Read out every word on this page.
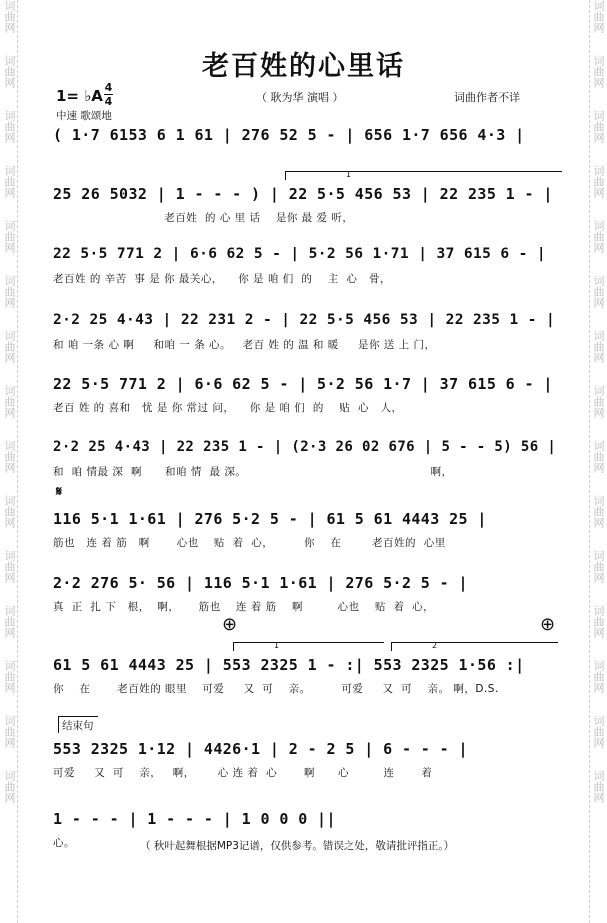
词曲网
词曲网
词曲网
词曲网
词曲网
词曲网
词曲网
词曲网
词曲网
词曲网
词曲网
词曲网
词曲网
词曲网
词曲网
词曲网
词曲网
词曲网
词曲网
词曲网
词曲网
词曲网
词曲网
词曲网
词曲网
词曲网
词曲网
词曲网
词曲网
词曲网
老百姓的心里话
1= ♭A 4
4	（ 耿为华 演唱 ）	词曲作者不详
中速 歌颂地
( 1·7 6153 6 1 61 | 276 52 5 - | 656 1·7 656 4·3 |
25 26 5032 | 1 - - - ) | 22 5·5 456 53 | 22 235 1 - |
老百姓  的 心 里 话    是你 最 爱 听，
1
22 5·5 771 2 | 6·6 62 5 - | 5·2 56 1·71 | 37 615 6 - |
老百姓 的 辛苦  事 是 你 最关心，    你 是 咱 们  的    主  心   骨，
2·2 25 4·43 | 22 231 2 - | 22 5·5 456 53 | 22 235 1 - |
和 咱 一条 心 啊     和咱 一 条 心。   老百 姓 的 温 和 暖     是你 送 上 门，
22 5·5 771 2 | 6·6 62 5 - | 5·2 56 1·7 | 37 615 6 - |
老百 姓 的 喜和   忧 是 你 常过 问，    你 是 咱 们  的    贴  心   人，
2·2 25 4·43 | 22 235 1 - | (2·3 26 02 676 | 5 - - 5) 56 |
和  咱 情最 深  啊      和咱 情  最 深。                                                啊，
116 5·1 1·61 | 276 5·2 5 - | 61 5 61 4443 25 |
筋也   连 着 筋   啊       心也    贴  着  心，        你    在        老百姓的  心里
2·2 276 5· 56 | 116 5·1 1·61 | 276 5·2 5 - |
真  正  扎 下   根，  啊，     筋也    连 着 筋    啊         心也    贴  着  心，
61 5 61 4443 25 | 553 2325 1 - :| 553 2325 1·56 :|
你    在       老百姓的 眼里    可爱     又  可    亲。        可爱     又  可    亲。 啊，D.S.
1	2
553 2325 1·12 | 4426·1 | 2 - 2 5 | 6 - - - |
可爱     又  可    亲，   啊，      心 连 着  心       啊      心         连       着
1 - - - | 1 - - - | 1 0 0 0 ||
心。
𝄋
⊕	⊕
结束句
（ 秋叶起舞根据MP3记谱，仅供参考。错误之处，敬请批评指正。）
